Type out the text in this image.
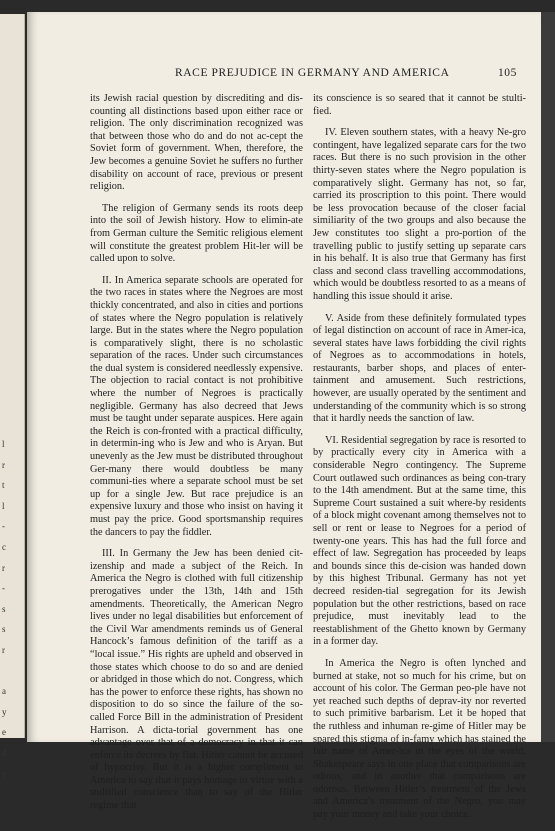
l
r
t
l
-
c
r
-
s
s
r

a
y
e
d
e
RACE PREJUDICE IN GERMANY AND AMERICA	105

its Jewish racial question by discrediting and dis-counting all distinctions based upon either race or religion. The only discrimination recognized was that between those who do and do not ac-cept the Soviet form of government. When, therefore, the Jew becomes a genuine Soviet he suffers no further disability on account of race, previous or present religion.

The religion of Germany sends its roots deep into the soil of Jewish history. How to elimin-ate from German culture the Semitic religious element will constitute the greatest problem Hit-ler will be called upon to solve.

II. In America separate schools are operated for the two races in states where the Negroes are most thickly concentrated, and also in cities and portions of states where the Negro population is relatively large. But in the states where the Negro population is comparatively slight, there is no scholastic separation of the races. Under such circumstances the dual system is considered needlessly expensive. The objection to racial contact is not prohibitive where the number of Negroes is practically negligible. Germany has also decreed that Jews must be taught under separate auspices. Here again the Reich is con-fronted with a practical difficulty, in determin-ing who is Jew and who is Aryan. But unevenly as the Jew must be distributed throughout Ger-many there would doubtless be many communi-ties where a separate school must be set up for a single Jew. But race prejudice is an expensive luxury and those who insist on having it must pay the price. Good sportsmanship requires the dancers to pay the fiddler.

III. In Germany the Jew has been denied cit-izenship and made a subject of the Reich. In America the Negro is clothed with full citizenship prerogatives under the 13th, 14th and 15th amendments. Theoretically, the American Negro lives under no legal disabilities but enforcement of the Civil War amendments reminds us of General Hancock’s famous definition of the tariff as a “local issue.” His rights are upheld and observed in those states which choose to do so and are denied or abridged in those which do not. Congress, which has the power to enforce these rights, has shown no disposition to do so since the failure of the so-called Force Bill in the administration of President Harrison. A dicta-torial government has one advantage over that of a democracy in that it can enforce its decrees by fiat. Hitler cannot be accused of hypocrisy. But it is a higher compliment to America to say that it pays homage to virtue with a stultified conscience than to say of the Hitler regime that

its conscience is so seared that it cannot be stulti-fied.

IV. Eleven southern states, with a heavy Ne-gro contingent, have legalized separate cars for the two races. But there is no such provision in the other thirty-seven states where the Negro population is comparatively slight. Germany has not, so far, carried its proscription to this point. There would be less provocation because of the closer facial similiarity of the two groups and also because the Jew constitutes too slight a pro-portion of the travelling public to justify setting up separate cars in his behalf. It is also true that Germany has first class and second class travelling accommodations, which would be doubtless resorted to as a means of handling this issue should it arise.

V. Aside from these definitely formulated types of legal distinction on account of race in Amer-ica, several states have laws forbidding the civil rights of Negroes as to accommodations in hotels, restaurants, barber shops, and places of enter-tainment and amusement. Such restrictions, however, are usually operated by the sentiment and understanding of the community which is so strong that it hardly needs the sanction of law.

VI. Residential segregation by race is resorted to by practically every city in America with a considerable Negro contingency. The Supreme Court outlawed such ordinances as being con-trary to the 14th amendment. But at the same time, this Supreme Court sustained a suit where-by residents of a block might covenant among themselves not to sell or rent or lease to Negroes for a period of twenty-one years. This has had the full force and effect of law. Segregation has proceeded by leaps and bounds since this de-cision was handed down by this highest Tribunal. Germany has not yet decreed residen-tial segregation for its Jewish population but the other restrictions, based on race prejudice, must inevitably lead to the reestablishment of the Ghetto known by Germany in a former day.

In America the Negro is often lynched and burned at stake, not so much for his crime, but on account of his color. The German peo-ple have not yet reached such depths of deprav-ity nor reverted to such primitive barbarism. Let it be hoped that the ruthless and inhuman re-gime of Hitler may be spared this stigma of in-famy which has stained the fair name of Amer-ica in the eyes of the world. Shakespeare says in one place that comparisons are odious, and in another that comparisons are odorous. Between Hitler’s treatment of the Jews and America’s treatment of the Negro, you may pay your money and take your choice.
